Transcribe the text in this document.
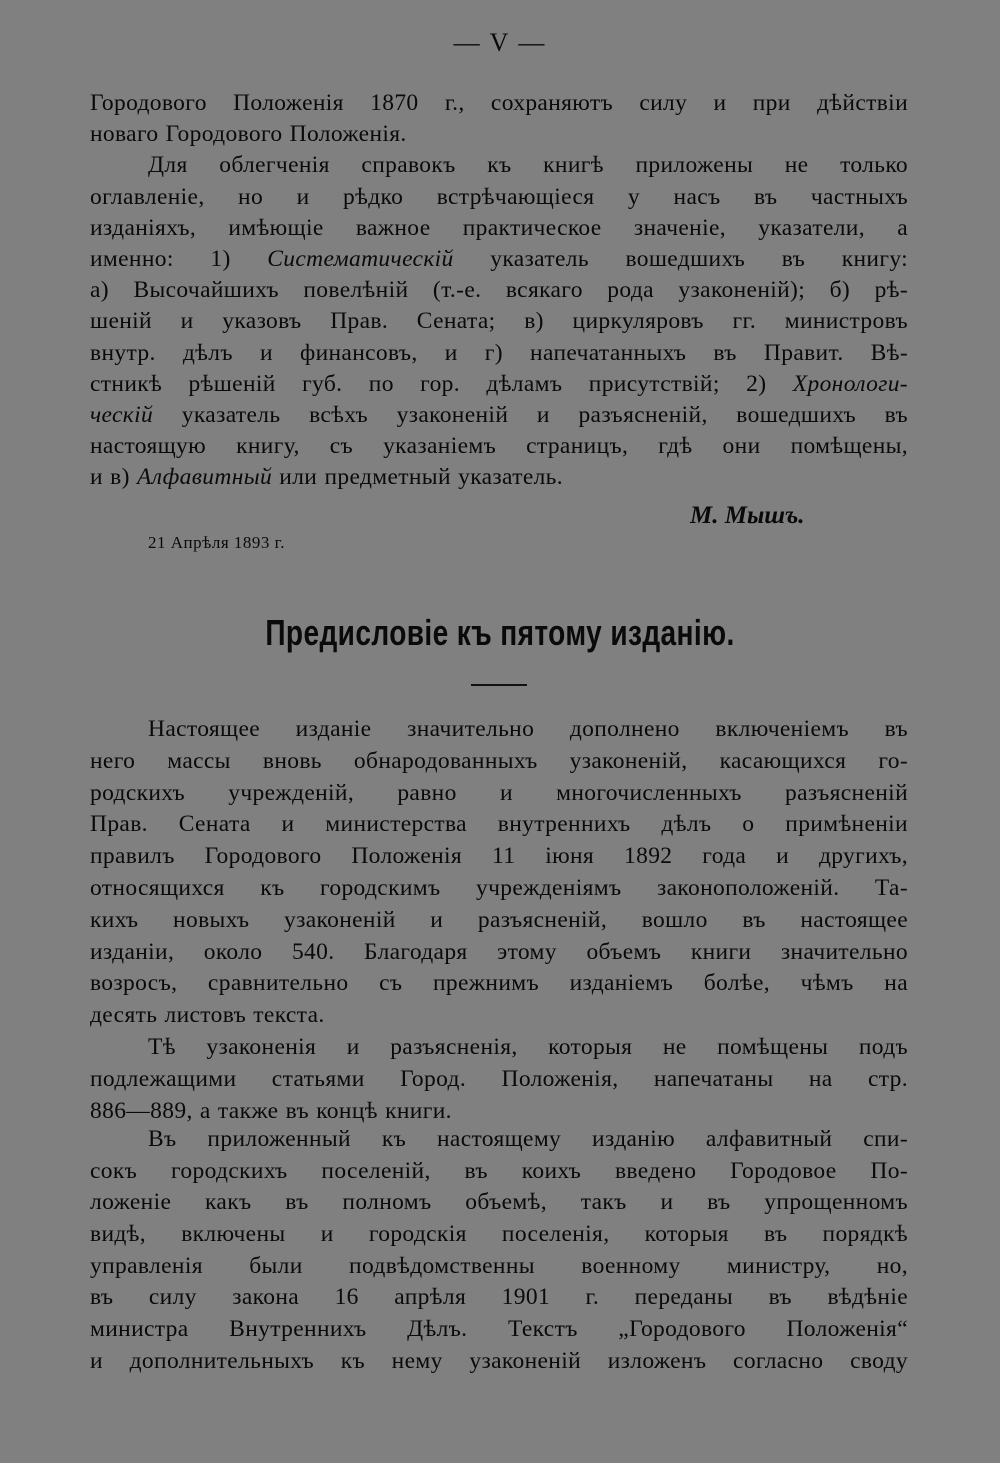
— V —
Городового Положенія 1870 г., сохраняютъ силу и при дѣйствіи
новаго Городового Положенія.
Для облегченія справокъ къ книгѣ приложены не только
оглавленіе, но и рѣдко встрѣчающіеся у насъ въ частныхъ
изданіяхъ, имѣющіе важное практическое значеніе, указатели, а
именно: 1) Систематическій указатель вошедшихъ въ книгу:
а) Высочайшихъ повелѣній (т.-е. всякаго рода узаконеній); б) рѣ-
шеній и указовъ Прав. Сената; в) циркуляровъ гг. министровъ
внутр. дѣлъ и финансовъ, и г) напечатанныхъ въ Правит. Вѣ-
стникѣ рѣшеній губ. по гор. дѣламъ присутствій; 2) Хронологи-
ческій указатель всѣхъ узаконеній и разъясненій, вошедшихъ въ
настоящую книгу, съ указаніемъ страницъ, гдѣ они помѣщены,
и в) Алфавитный или предметный указатель.
М. Мышъ.
21 Апрѣля 1893 г.
Предисловіе къ пятому изданію.
Настоящее изданіе значительно дополнено включеніемъ въ
него массы вновь обнародованныхъ узаконеній, касающихся го-
родскихъ учрежденій, равно и многочисленныхъ разъясненій
Прав. Сената и министерства внутреннихъ дѣлъ о примѣненіи
правилъ Городового Положенія 11 іюня 1892 года и другихъ,
относящихся къ городскимъ учрежденіямъ законоположеній. Та-
кихъ новыхъ узаконеній и разъясненій, вошло въ настоящее
изданіи, около 540. Благодаря этому объемъ книги значительно
возросъ, сравнительно съ прежнимъ изданіемъ болѣе, чѣмъ на
десять листовъ текста.
Тѣ узаконенія и разъясненія, которыя не помѣщены подъ
подлежащими статьями Город. Положенія, напечатаны на стр.
886—889, а также въ концѣ книги.
Въ приложенный къ настоящему изданію алфавитный спи-
сокъ городскихъ поселеній, въ коихъ введено Городовое По-
ложеніе какъ въ полномъ объемѣ, такъ и въ упрощенномъ
видѣ, включены и городскія поселенія, которыя въ порядкѣ
управленія были подвѣдомственны военному министру, но,
въ силу закона 16 апрѣля 1901 г. переданы въ вѣдѣніе
министра Внутреннихъ Дѣлъ. Текстъ „Городового Положенія“
и дополнительныхъ къ нему узаконеній изложенъ согласно своду
